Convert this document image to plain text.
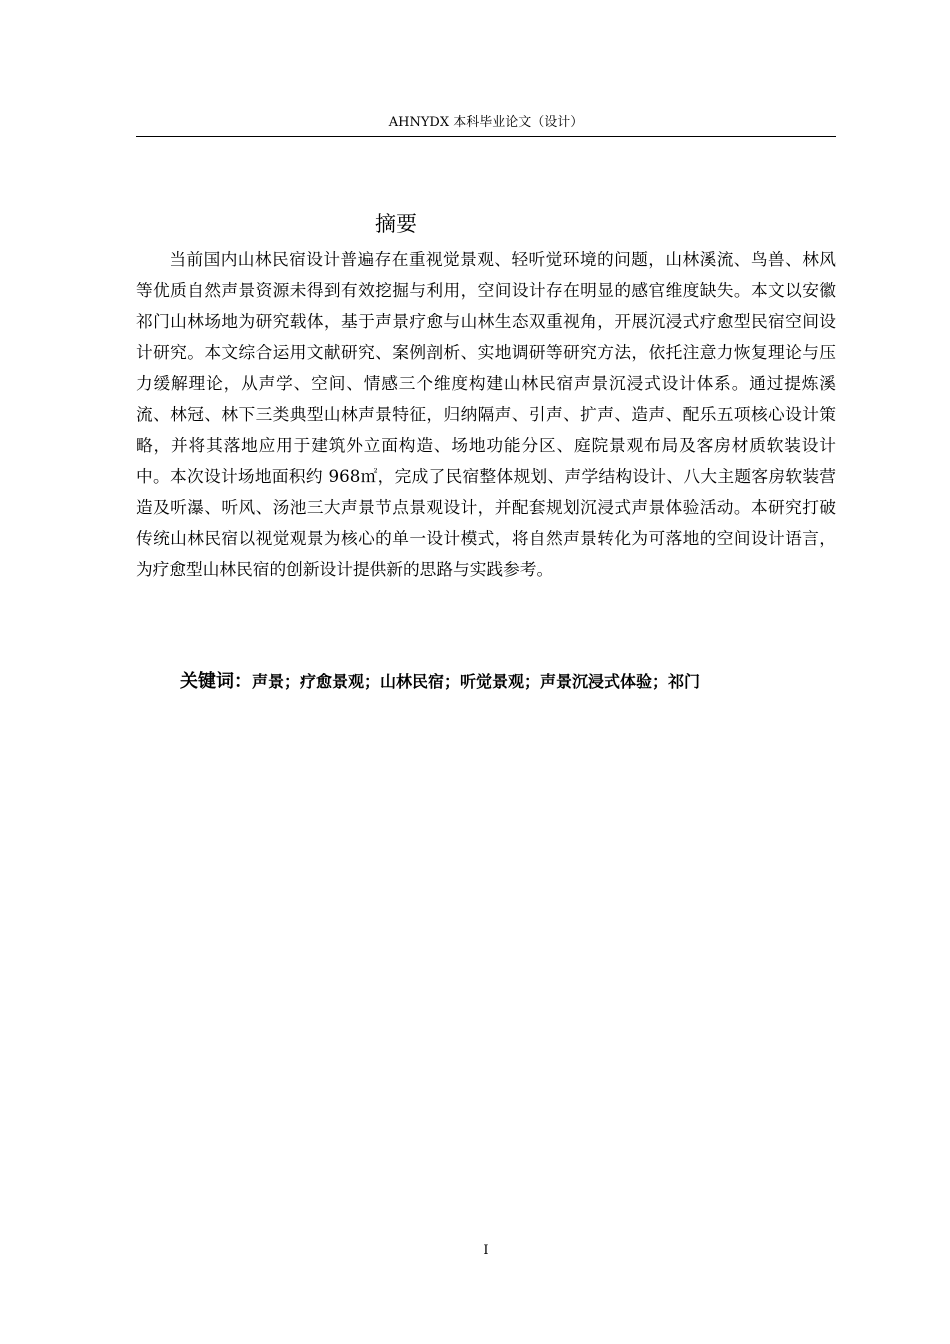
AHNYDX 本科毕业论文（设计）
摘要

当前国内山林民宿设计普遍存在重视觉景观、轻听觉环境的问题，山林溪流、鸟兽、林风等优质自然声景资源未得到有效挖掘与利用，空间设计存在明显的感官维度缺失。本文以安徽祁门山林场地为研究载体，基于声景疗愈与山林生态双重视角，开展沉浸式疗愈型民宿空间设计研究。本文综合运用文献研究、案例剖析、实地调研等研究方法，依托注意力恢复理论与压力缓解理论，从声学、空间、情感三个维度构建山林民宿声景沉浸式设计体系。通过提炼溪流、林冠、林下三类典型山林声景特征，归纳隔声、引声、扩声、造声、配乐五项核心设计策略，并将其落地应用于建筑外立面构造、场地功能分区、庭院景观布局及客房材质软装设计中。本次设计场地面积约 968㎡，完成了民宿整体规划、声学结构设计、八大主题客房软装营造及听瀑、听风、汤池三大声景节点景观设计，并配套规划沉浸式声景体验活动。本研究打破传统山林民宿以视觉观景为核心的单一设计模式，将自然声景转化为可落地的空间设计语言，为疗愈型山林民宿的创新设计提供新的思路与实践参考。

关键词：声景；疗愈景观；山林民宿；听觉景观；声景沉浸式体验；祁门
I
